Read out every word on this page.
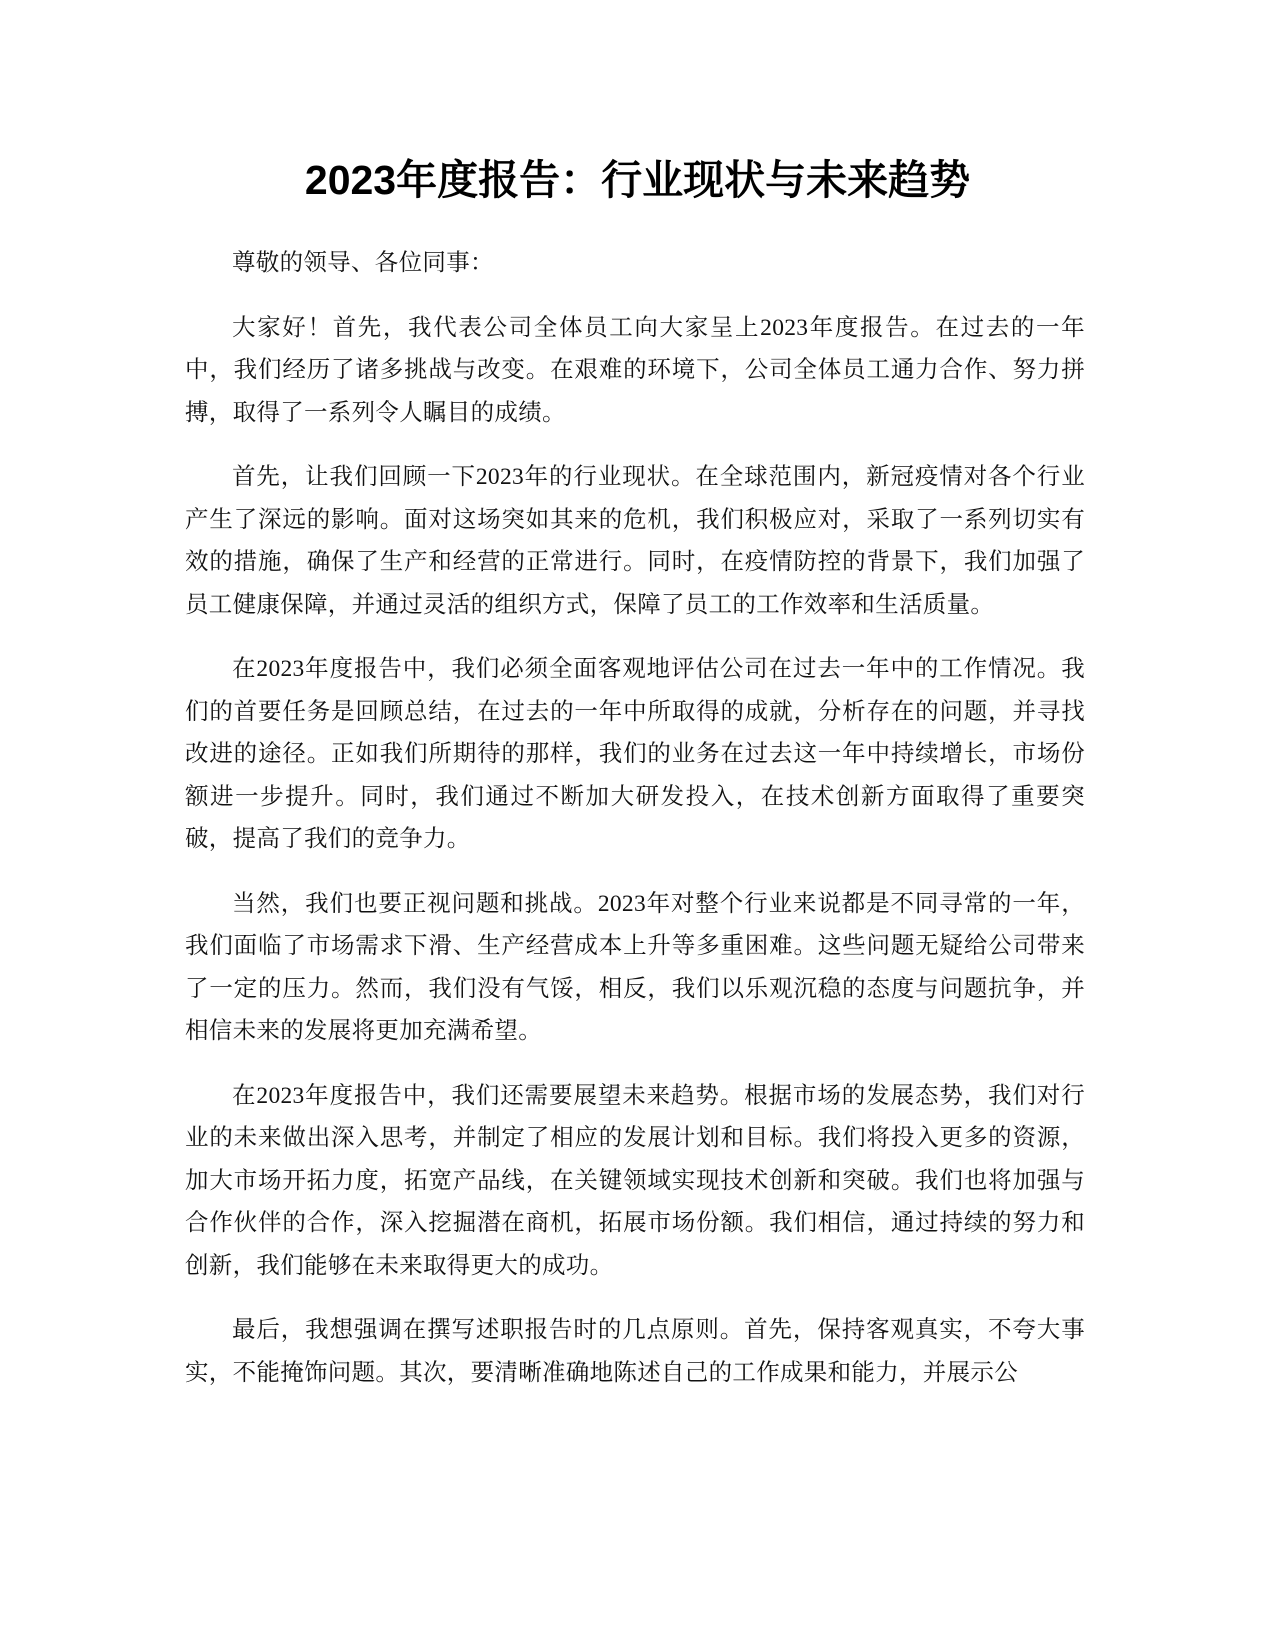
2023年度报告：行业现状与未来趋势

尊敬的领导、各位同事：

大家好！首先，我代表公司全体员工向大家呈上2023年度报告。在过去的一年中，我们经历了诸多挑战与改变。在艰难的环境下，公司全体员工通力合作、努力拼搏，取得了一系列令人瞩目的成绩。

首先，让我们回顾一下2023年的行业现状。在全球范围内，新冠疫情对各个行业产生了深远的影响。面对这场突如其来的危机，我们积极应对，采取了一系列切实有效的措施，确保了生产和经营的正常进行。同时，在疫情防控的背景下，我们加强了员工健康保障，并通过灵活的组织方式，保障了员工的工作效率和生活质量。

在2023年度报告中，我们必须全面客观地评估公司在过去一年中的工作情况。我们的首要任务是回顾总结，在过去的一年中所取得的成就，分析存在的问题，并寻找改进的途径。正如我们所期待的那样，我们的业务在过去这一年中持续增长，市场份额进一步提升。同时，我们通过不断加大研发投入，在技术创新方面取得了重要突破，提高了我们的竞争力。

当然，我们也要正视问题和挑战。2023年对整个行业来说都是不同寻常的一年，我们面临了市场需求下滑、生产经营成本上升等多重困难。这些问题无疑给公司带来了一定的压力。然而，我们没有气馁，相反，我们以乐观沉稳的态度与问题抗争，并相信未来的发展将更加充满希望。

在2023年度报告中，我们还需要展望未来趋势。根据市场的发展态势，我们对行业的未来做出深入思考，并制定了相应的发展计划和目标。我们将投入更多的资源，加大市场开拓力度，拓宽产品线，在关键领域实现技术创新和突破。我们也将加强与合作伙伴的合作，深入挖掘潜在商机，拓展市场份额。我们相信，通过持续的努力和创新，我们能够在未来取得更大的成功。

最后，我想强调在撰写述职报告时的几点原则。首先，保持客观真实，不夸大事实，不能掩饰问题。其次，要清晰准确地陈述自己的工作成果和能力，并展示公
